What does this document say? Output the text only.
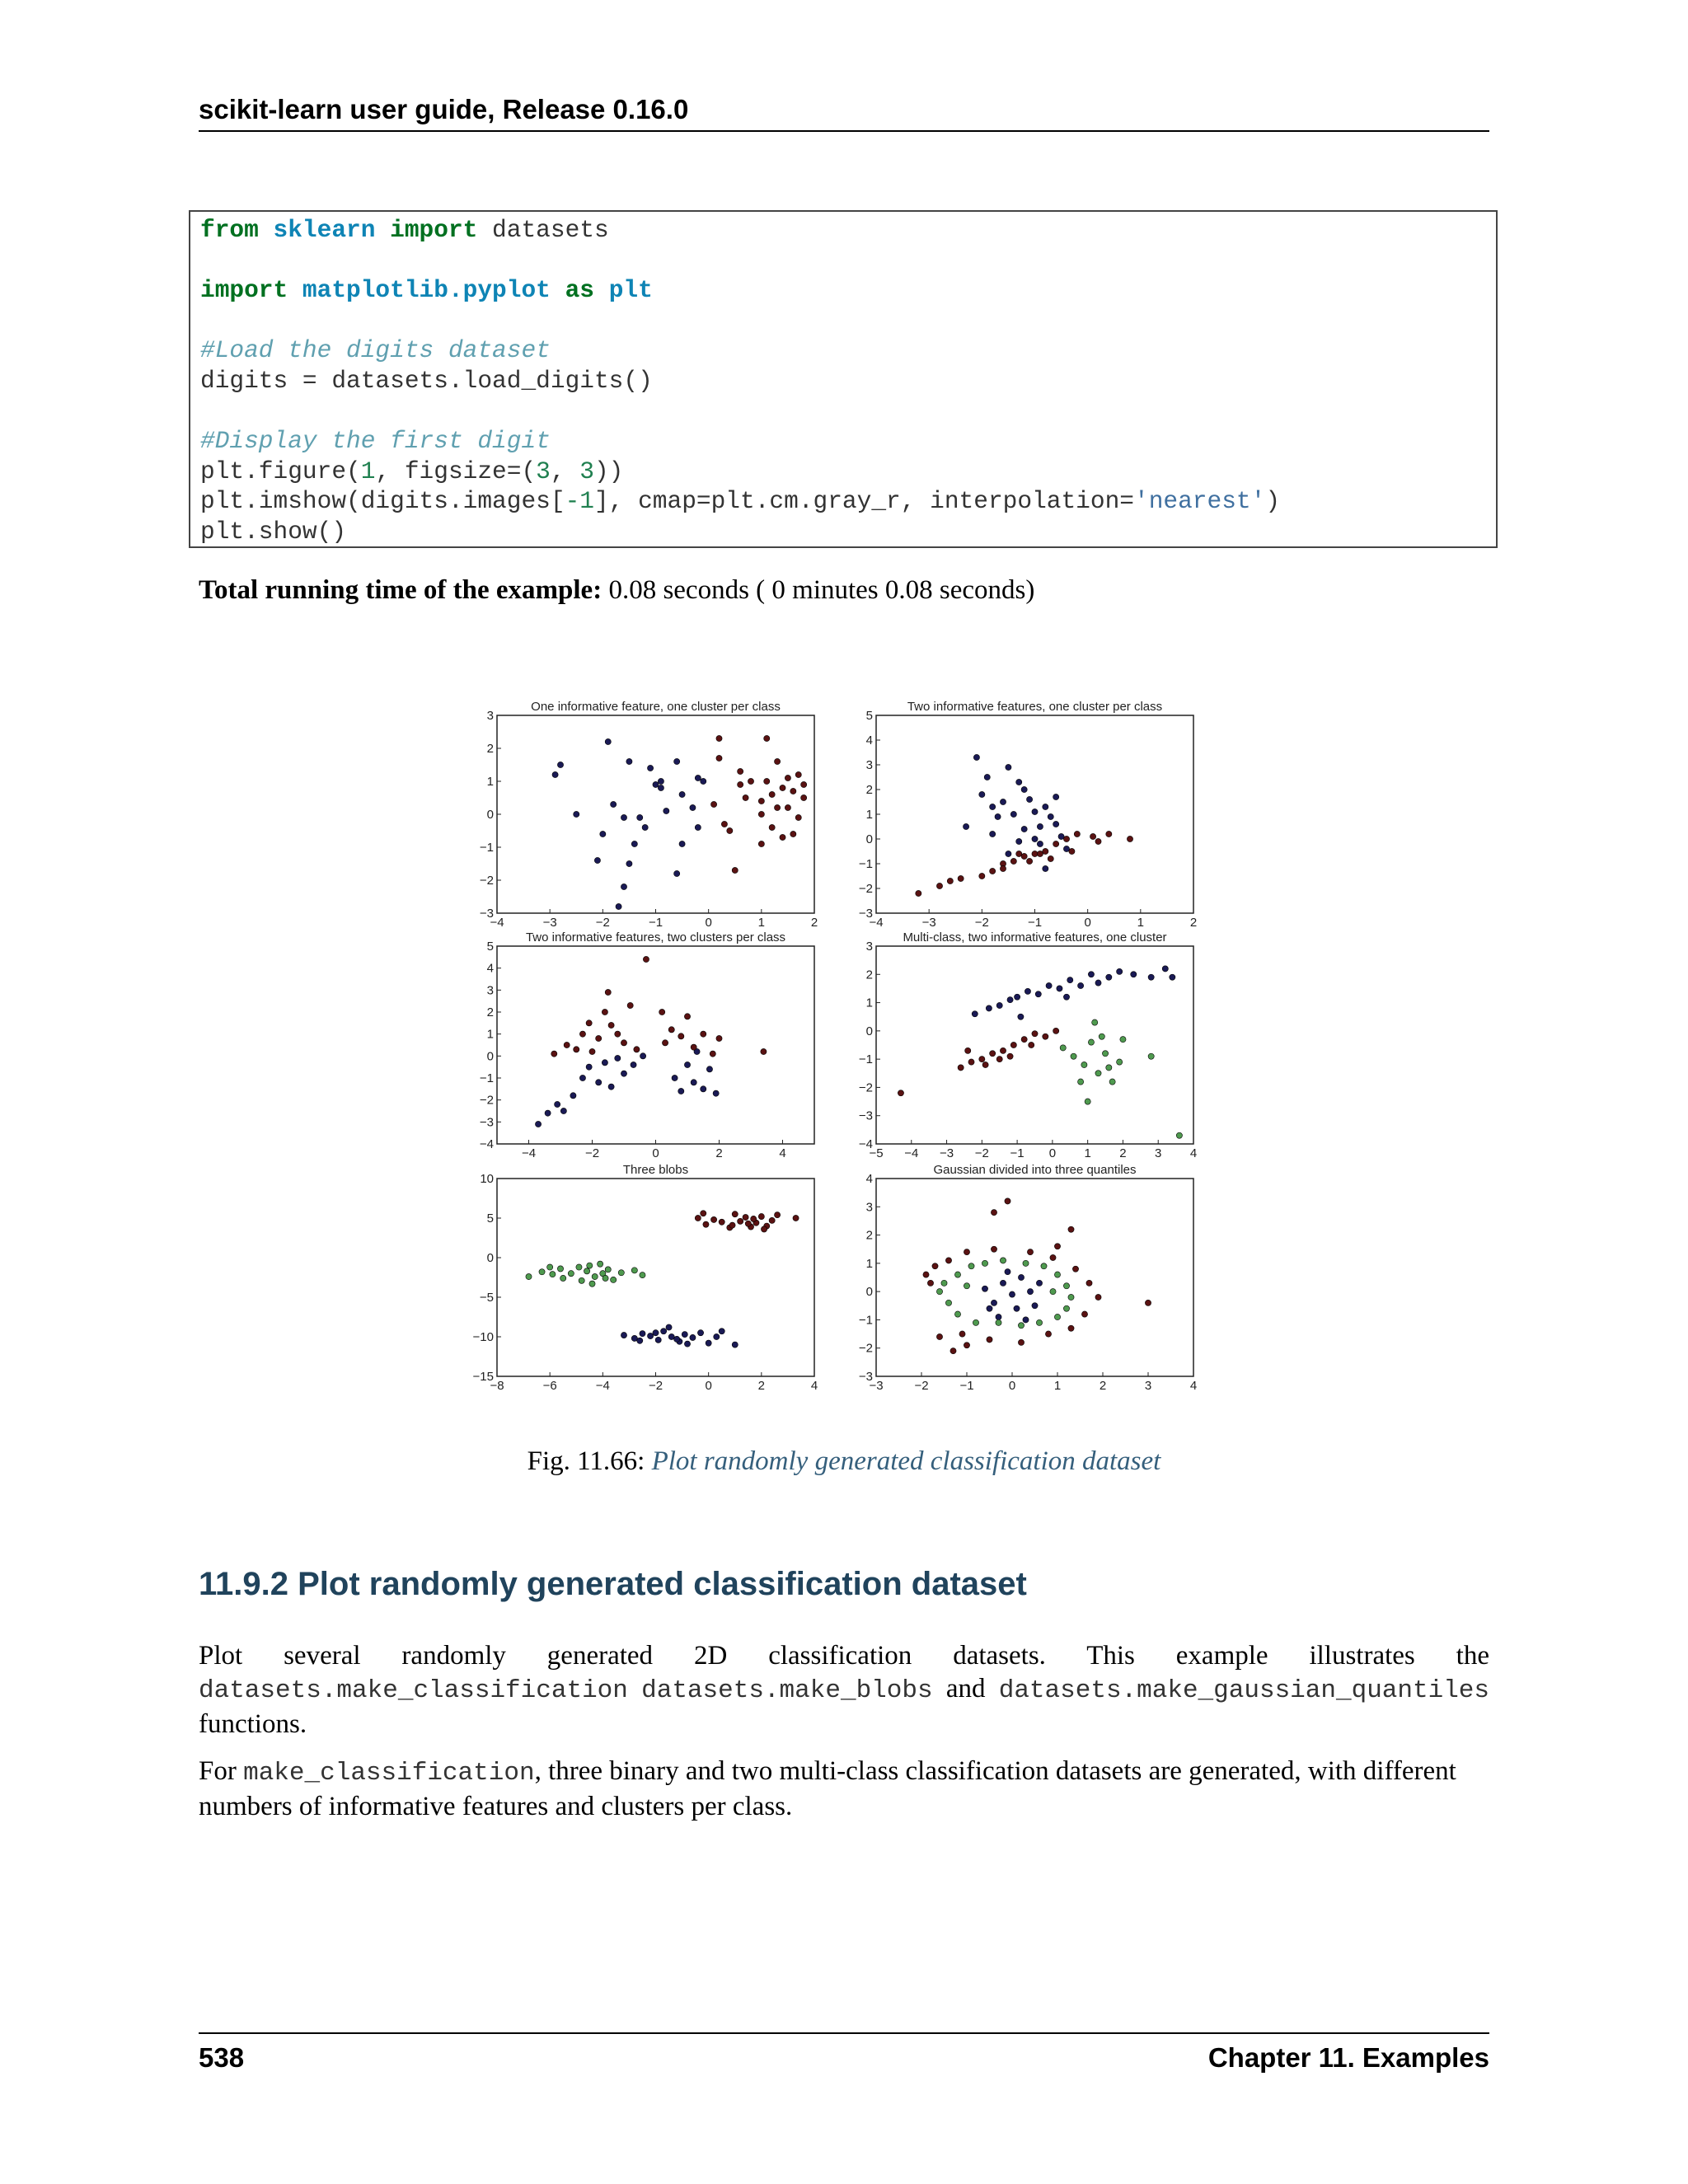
scikit-learn user guide, Release 0.16.0
from sklearn import datasets

import matplotlib.pyplot as plt

#Load the digits dataset
digits = datasets.load_digits()

#Display the first digit
plt.figure(1, figsize=(3, 3))
plt.imshow(digits.images[-1], cmap=plt.cm.gray_r, interpolation='nearest')
plt.show()
Total running time of the example: 0.08 seconds ( 0 minutes 0.08 seconds)
One informative feature, one cluster per class
−4	−3	−2	−1	0	1	2
−3
−2
−1
0
1
2
3
Two informative features, one cluster per class
−4	−3	−2	−1	0	1	2
−3
−2
−1
0
1
2
3
4
5
Two informative features, two clusters per class
−4	−2	0	2	4
−4
−3
−2
−1
0
1
2
3
4
5
Multi-class, two informative features, one cluster
−5 −4 −3 −2 −1 0 1 2 3 4
−4
−3
−2
−1
0
1
2
3
Three blobs
−8	−6	−4	−2	0	2	4
−15
−10
−5
0
5
10
Gaussian divided into three quantiles
−3	−2	−1	0	1	2	3	4
−3
−2
−1
0
1
2
3
4
Fig. 11.66: Plot randomly generated classification dataset
11.9.2 Plot randomly generated classification dataset
Plot several randomly generated 2D classification datasets. This example illustrates the datasets.make_classification datasets.make_blobs and datasets.make_gaussian_quantiles functions.
For make_classification, three binary and two multi-class classification datasets are generated, with different numbers of informative features and clusters per class.
538	Chapter 11. Examples
